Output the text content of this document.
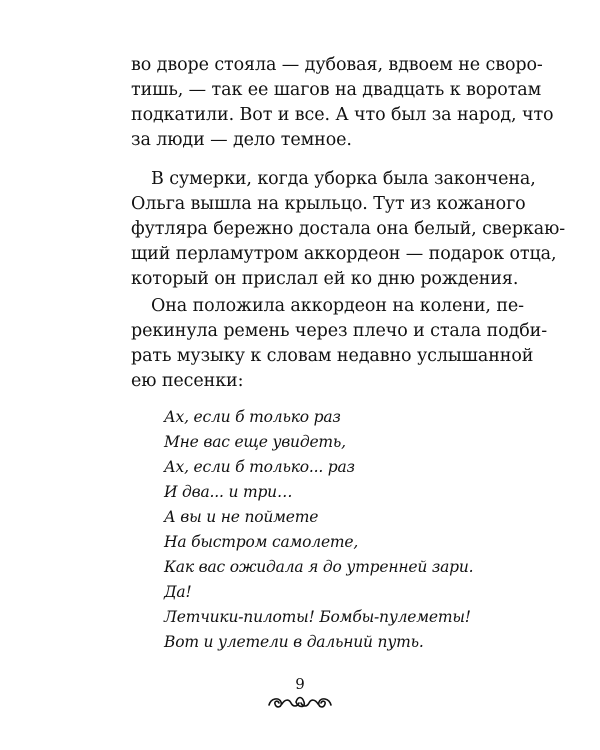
во дворе стояла — дубовая, вдвоем не своро-
тишь, — так ее шагов на двадцать к воротам
подкатили. Вот и все. А что был за народ, что
за люди — дело темное.
В сумерки, когда уборка была закончена,
Ольга вышла на крыльцо. Тут из кожаного
футляра бережно достала она белый, сверкаю-
щий перламутром аккордеон — подарок отца,
который он прислал ей ко дню рождения.
Она положила аккордеон на колени, пе-
рекинула ремень через плечо и стала подби-
рать музыку к словам недавно услышанной
ею песенки:
Ах, если б только раз
Мне вас еще увидеть,
Ах, если б только... раз
И два... и три…
А вы и не поймете
На быстром самолете,
Как вас ожидала я до утренней зари.
Да!
Летчики-пилоты! Бомбы-пулеметы!
Вот и улетели в дальний путь.
9
